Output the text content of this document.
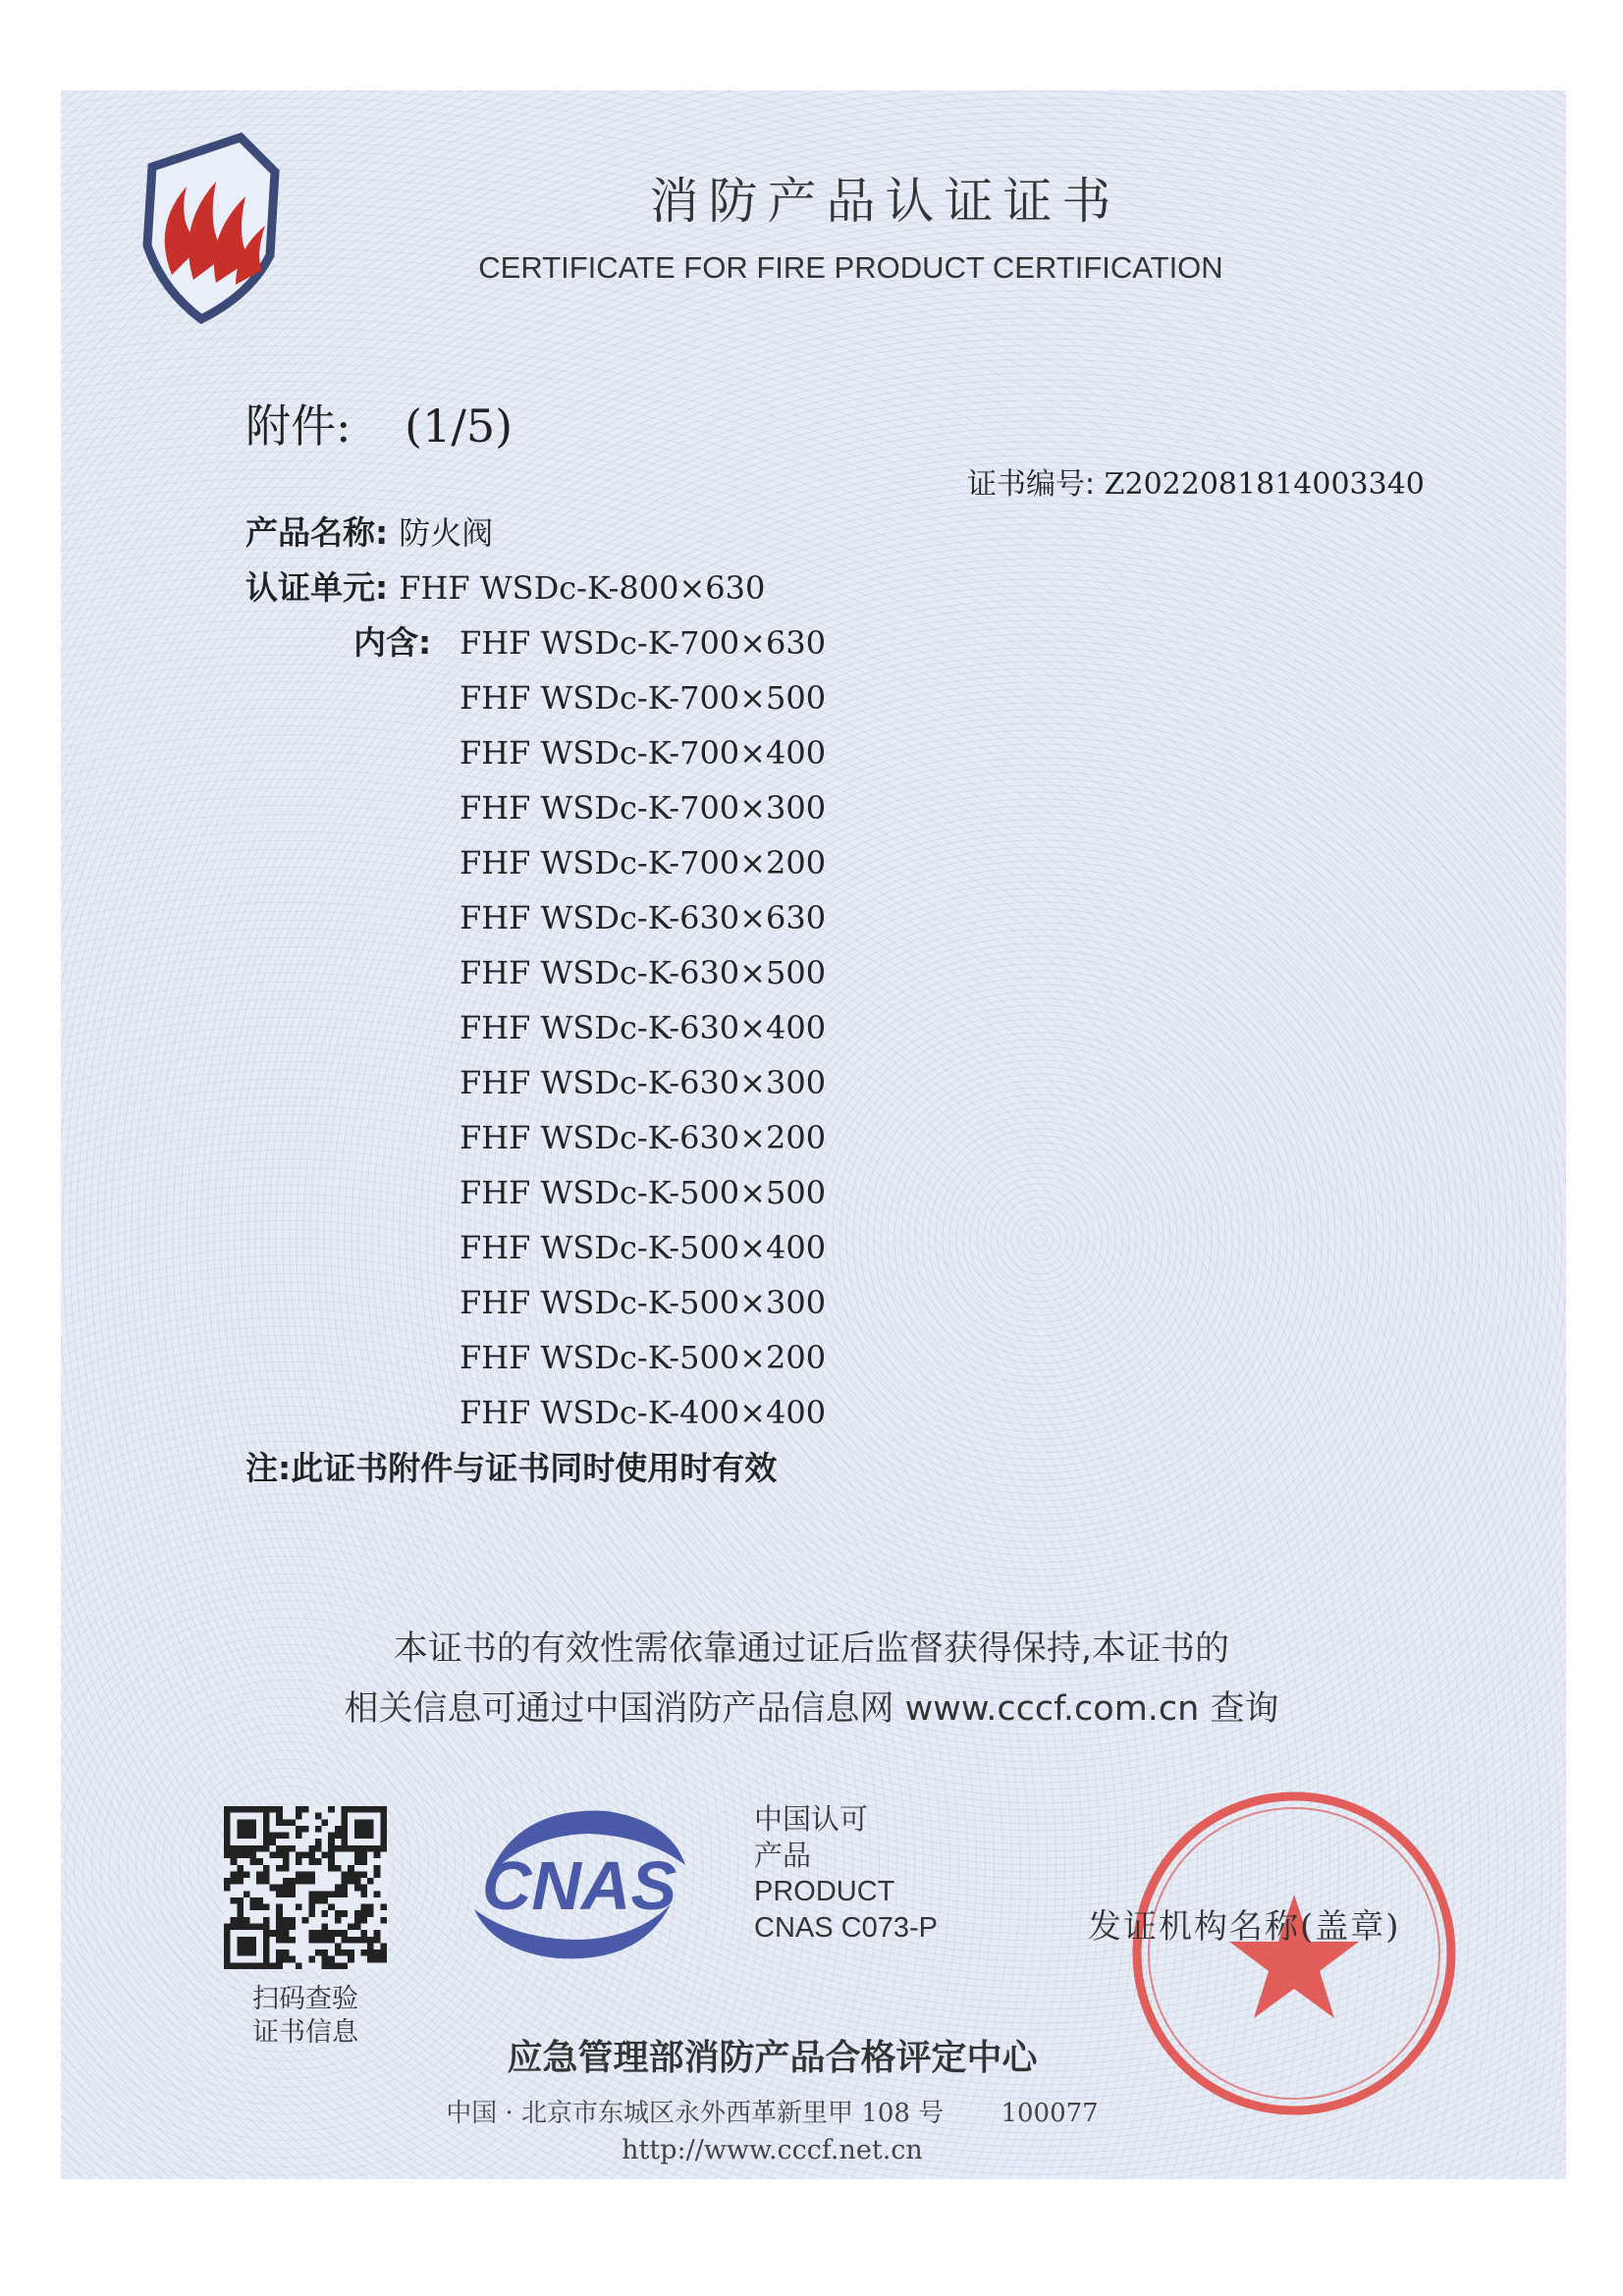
消防产品认证证书
CERTIFICATE FOR FIRE PRODUCT CERTIFICATION
附件: (1/5)
证书编号: Z2022081814003340
产品名称: 防火阀
认证单元: FHF WSDc-K-800×630
内含: FHF WSDc-K-700×630
FHF WSDc-K-700×500
FHF WSDc-K-700×400
FHF WSDc-K-700×300
FHF WSDc-K-700×200
FHF WSDc-K-630×630
FHF WSDc-K-630×500
FHF WSDc-K-630×400
FHF WSDc-K-630×300
FHF WSDc-K-630×200
FHF WSDc-K-500×500
FHF WSDc-K-500×400
FHF WSDc-K-500×300
FHF WSDc-K-500×200
FHF WSDc-K-400×400
注:此证书附件与证书同时使用时有效
本证书的有效性需依靠通过证后监督获得保持,本证书的
相关信息可通过中国消防产品信息网 www.cccf.com.cn 查询
扫码查验
证书信息
CNAS
中国认可
产品
PRODUCT
CNAS C073-P	发证机构名称(盖章)
应急管理部消防产品合格评定中心
中国 · 北京市东城区永外西革新里甲 108 号 100077
http://www.cccf.net.cn
